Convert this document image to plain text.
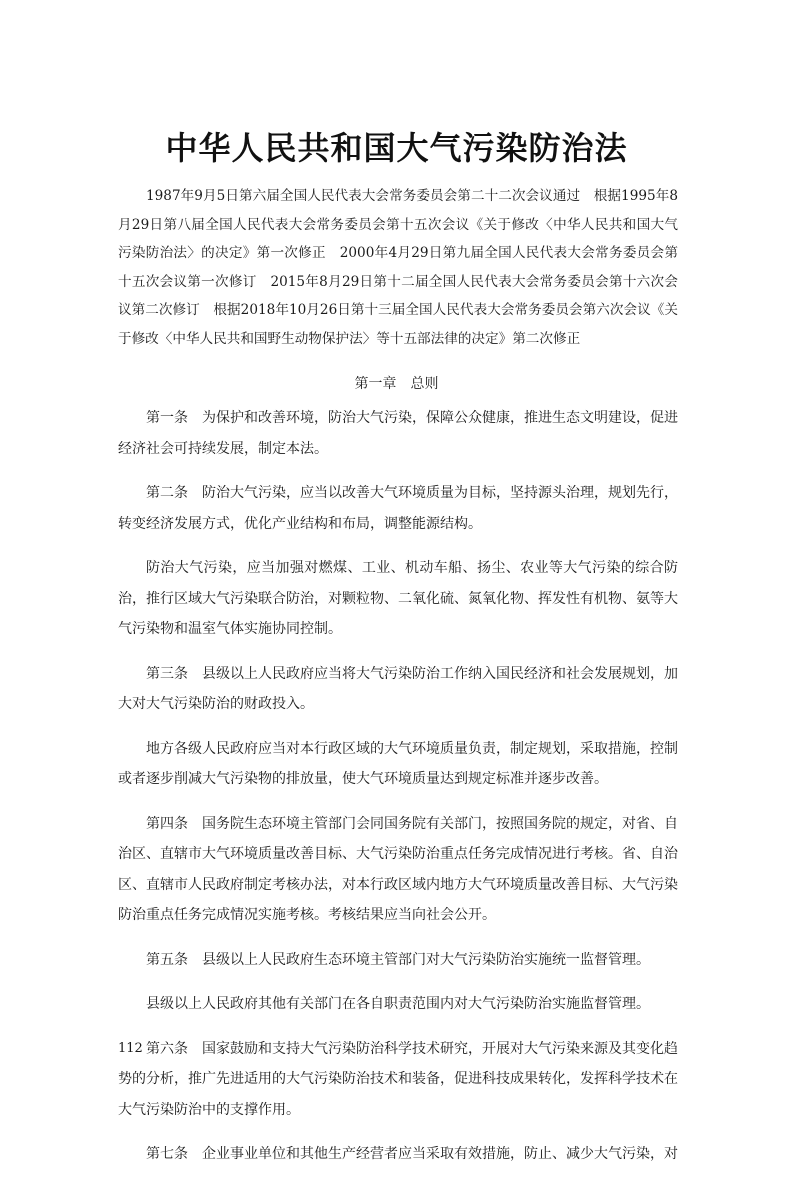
中华人民共和国大气污染防治法

1987年9月5日第六届全国人民代表大会常务委员会第二十二次会议通过　根据1995年8月29日第八届全国人民代表大会常务委员会第十五次会议《关于修改〈中华人民共和国大气污染防治法〉的决定》第一次修正　2000年4月29日第九届全国人民代表大会常务委员会第十五次会议第一次修订　2015年8月29日第十二届全国人民代表大会常务委员会第十六次会议第二次修订　根据2018年10月26日第十三届全国人民代表大会常务委员会第六次会议《关于修改〈中华人民共和国野生动物保护法〉等十五部法律的决定》第二次修正

第一章　总则

第一条 为保护和改善环境，防治大气污染，保障公众健康，推进生态文明建设，促进经济社会可持续发展，制定本法。

第二条 防治大气污染，应当以改善大气环境质量为目标，坚持源头治理，规划先行，转变经济发展方式，优化产业结构和布局，调整能源结构。

防治大气污染，应当加强对燃煤、工业、机动车船、扬尘、农业等大气污染的综合防治，推行区域大气污染联合防治，对颗粒物、二氧化硫、氮氧化物、挥发性有机物、氨等大气污染物和温室气体实施协同控制。

第三条 县级以上人民政府应当将大气污染防治工作纳入国民经济和社会发展规划，加大对大气污染防治的财政投入。

地方各级人民政府应当对本行政区域的大气环境质量负责，制定规划，采取措施，控制或者逐步削减大气污染物的排放量，使大气环境质量达到规定标准并逐步改善。

第四条 国务院生态环境主管部门会同国务院有关部门，按照国务院的规定，对省、自治区、直辖市大气环境质量改善目标、大气污染防治重点任务完成情况进行考核。省、自治区、直辖市人民政府制定考核办法，对本行政区域内地方大气环境质量改善目标、大气污染防治重点任务完成情况实施考核。考核结果应当向社会公开。

第五条 县级以上人民政府生态环境主管部门对大气污染防治实施统一监督管理。

县级以上人民政府其他有关部门在各自职责范围内对大气污染防治实施监督管理。

第六条 国家鼓励和支持大气污染防治科学技术研究，开展对大气污染来源及其变化趋势的分析，推广先进适用的大气污染防治技术和装备，促进科技成果转化，发挥科学技术在大气污染防治中的支撑作用。

第七条 企业事业单位和其他生产经营者应当采取有效措施，防止、减少大气污染，对

112
